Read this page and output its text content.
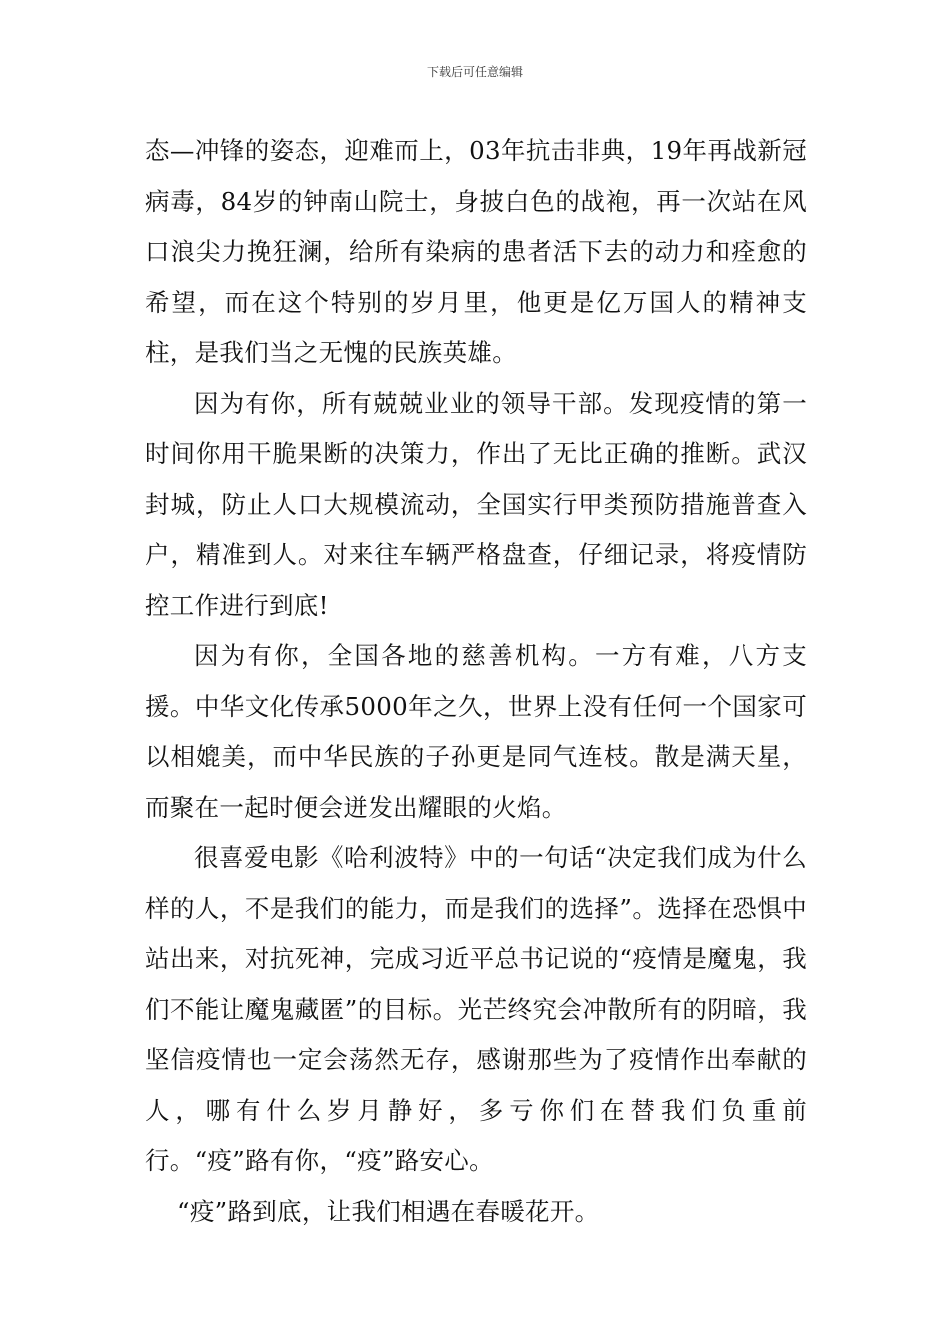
下载后可任意编辑

态—冲锋的姿态，迎难而上，03年抗击非典，19年再战新冠病毒，84岁的钟南山院士，身披白色的战袍，再一次站在风口浪尖力挽狂澜，给所有染病的患者活下去的动力和痊愈的希望，而在这个特别的岁月里，他更是亿万国人的精神支柱，是我们当之无愧的民族英雄。

因为有你，所有兢兢业业的领导干部。发现疫情的第一时间你用干脆果断的决策力，作出了无比正确的推断。武汉封城，防止人口大规模流动，全国实行甲类预防措施普查入户，精准到人。对来往车辆严格盘查，仔细记录，将疫情防控工作进行到底!

因为有你，全国各地的慈善机构。一方有难，八方支援。中华文化传承5000年之久，世界上没有任何一个国家可以相媲美，而中华民族的子孙更是同气连枝。散是满天星，而聚在一起时便会迸发出耀眼的火焰。

很喜爱电影《哈利波特》中的一句话“决定我们成为什么样的人，不是我们的能力，而是我们的选择”。选择在恐惧中站出来，对抗死神，完成习近平总书记说的“疫情是魔鬼，我们不能让魔鬼藏匿”的目标。光芒终究会冲散所有的阴暗，我坚信疫情也一定会荡然无存，感谢那些为了疫情作出奉献的人，哪有什么岁月静好，多亏你们在替我们负重前行。“疫”路有你，“疫”路安心。

“疫”路到底，让我们相遇在春暖花开。
